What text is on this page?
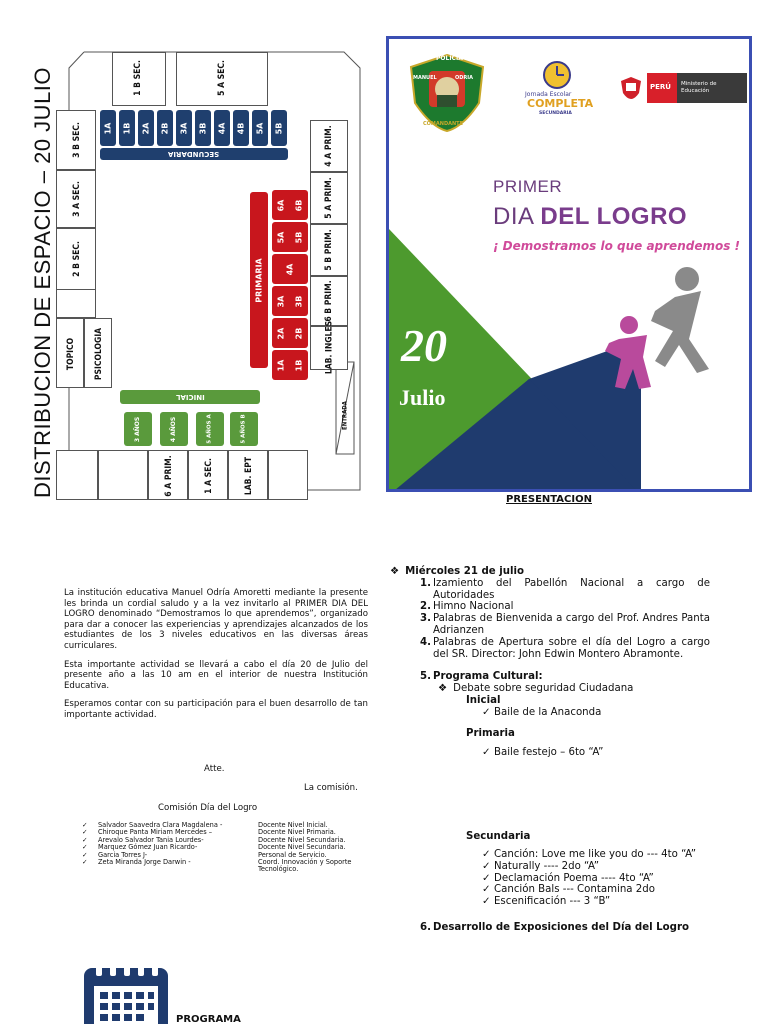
DISTRIBUCION DE ESPACIO – 20 JULIO	1 B SEC.	5 A SEC.
3 B SEC.
3 A SEC.
2 B SEC.
TOPICO PSICOLOGIA
4 A PRIM.
5 A PRIM.
5 B PRIM.
6 B PRIM.
LAB. INGLES
ENTRADA
6 A PRIM.	1 A SEC.	LAB. EPT
1A 1B 2A 2B 3A 3B 4A 4B 5A 5B
SECUNDARIA
PRIMARIA
6A 6B
5A 5B
4A
3A 3B
2A 2B
1A 1B
INICIAL
3 AÑOS	4 AÑOS	5 AÑOS A	5 AÑOS B
POLICIA
MANUEL	ODRIA
COMANDANTE
Jornada Escolar
COMPLETA
SECUNDARIA
PERÚ	Ministerio de Educación
PRIMER
DIA DEL LOGRO
¡ Demostramos lo que aprendemos !
20
Julio
PRESENTACION

La institución educativa Manuel Odría Amoretti mediante la presente les brinda un cordial saludo y a la vez invitarlo al PRIMER DIA DEL LOGRO denominado “Demostramos lo que aprendemos”, organizado para dar a conocer las experiencias y aprendizajes alcanzados de los estudiantes de los 3 niveles educativos en las diversas áreas curriculares.

Esta importante actividad se llevará a cabo el día 20 de Julio del presente año a las 10 am en el interior de nuestra Institución Educativa.

Esperamos contar con su participación para el buen desarrollo de tan importante actividad.

Atte.
La comisión.
Comisión Día del Logro
✓	Salvador Saavedra Clara Magdalena -	Docente Nivel Inicial.
✓	Chiroque Panta Miriam Mercedes –	Docente Nivel Primaria.
✓	Arevalo Salvador Tania Lourdes-	Docente Nivel Secundaria.
✓	Marquez Gómez Juan Ricardo-	Docente Nivel Secundaria.
✓	Garcia Torres J-	Personal de Servicio.
✓	Zeta Miranda Jorge Darwin -	Coord. Innovación y Soporte Tecnológico.
PROGRAMA
❖ Miércoles 21 de julio
1. Izamiento del Pabellón Nacional a cargo de Autoridades
2. Himno Nacional
3. Palabras de Bienvenida a cargo del Prof. Andres Panta Adrianzen
4. Palabras de Apertura sobre el día del Logro a cargo del SR. Director: John Edwin Montero Abramonte.
5. Programa Cultural:
❖ Debate sobre seguridad Ciudadana
Inicial
✓ Baile de la Anaconda
Primaria
✓ Baile festejo – 6to “A”
Secundaria
✓ Canción: Love me like you do --- 4to “A”
✓ Naturally ---- 2do “A”
✓ Declamación Poema ---- 4to “A”
✓ Canción Bals --- Contamina 2do
✓ Escenificación --- 3 “B”
6. Desarrollo de Exposiciones del Día del Logro
